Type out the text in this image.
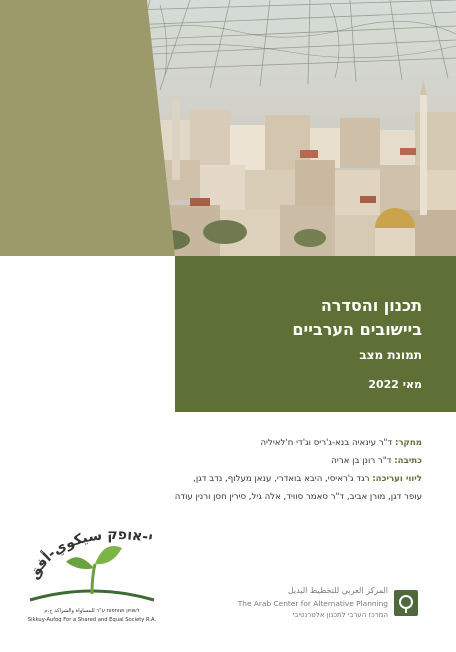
תכנון והסדרה
ביישובים הערביים
תמונת מצב
מאי 2022
מחקר: ד"ר עינאיה בנא-ג'ריס וג'די ח'לאיליה
כתיבה: ד"ר רונן בן אריה
ליווי ועריכה: רגד ג'ראיסי, היבא בואדרי, ענאן מעלוף, נדב דגן,
עופר דגן, מורן אביב, ד"ר סאמר סוויד, אלה גיל, סירין חסן ורנין עודה
י-אופק سيكوي-أفق
לשוויון ושותפות ע"ר للمساواة والشراكة ج.م
Sikkuy-Aufoq For a Shared and Equal Society R.A.
المركز العربي للتخطيط البديل
The Arab Center for Alternative Planning
המרכז הערבי לתכנון אלטרנטיבי
